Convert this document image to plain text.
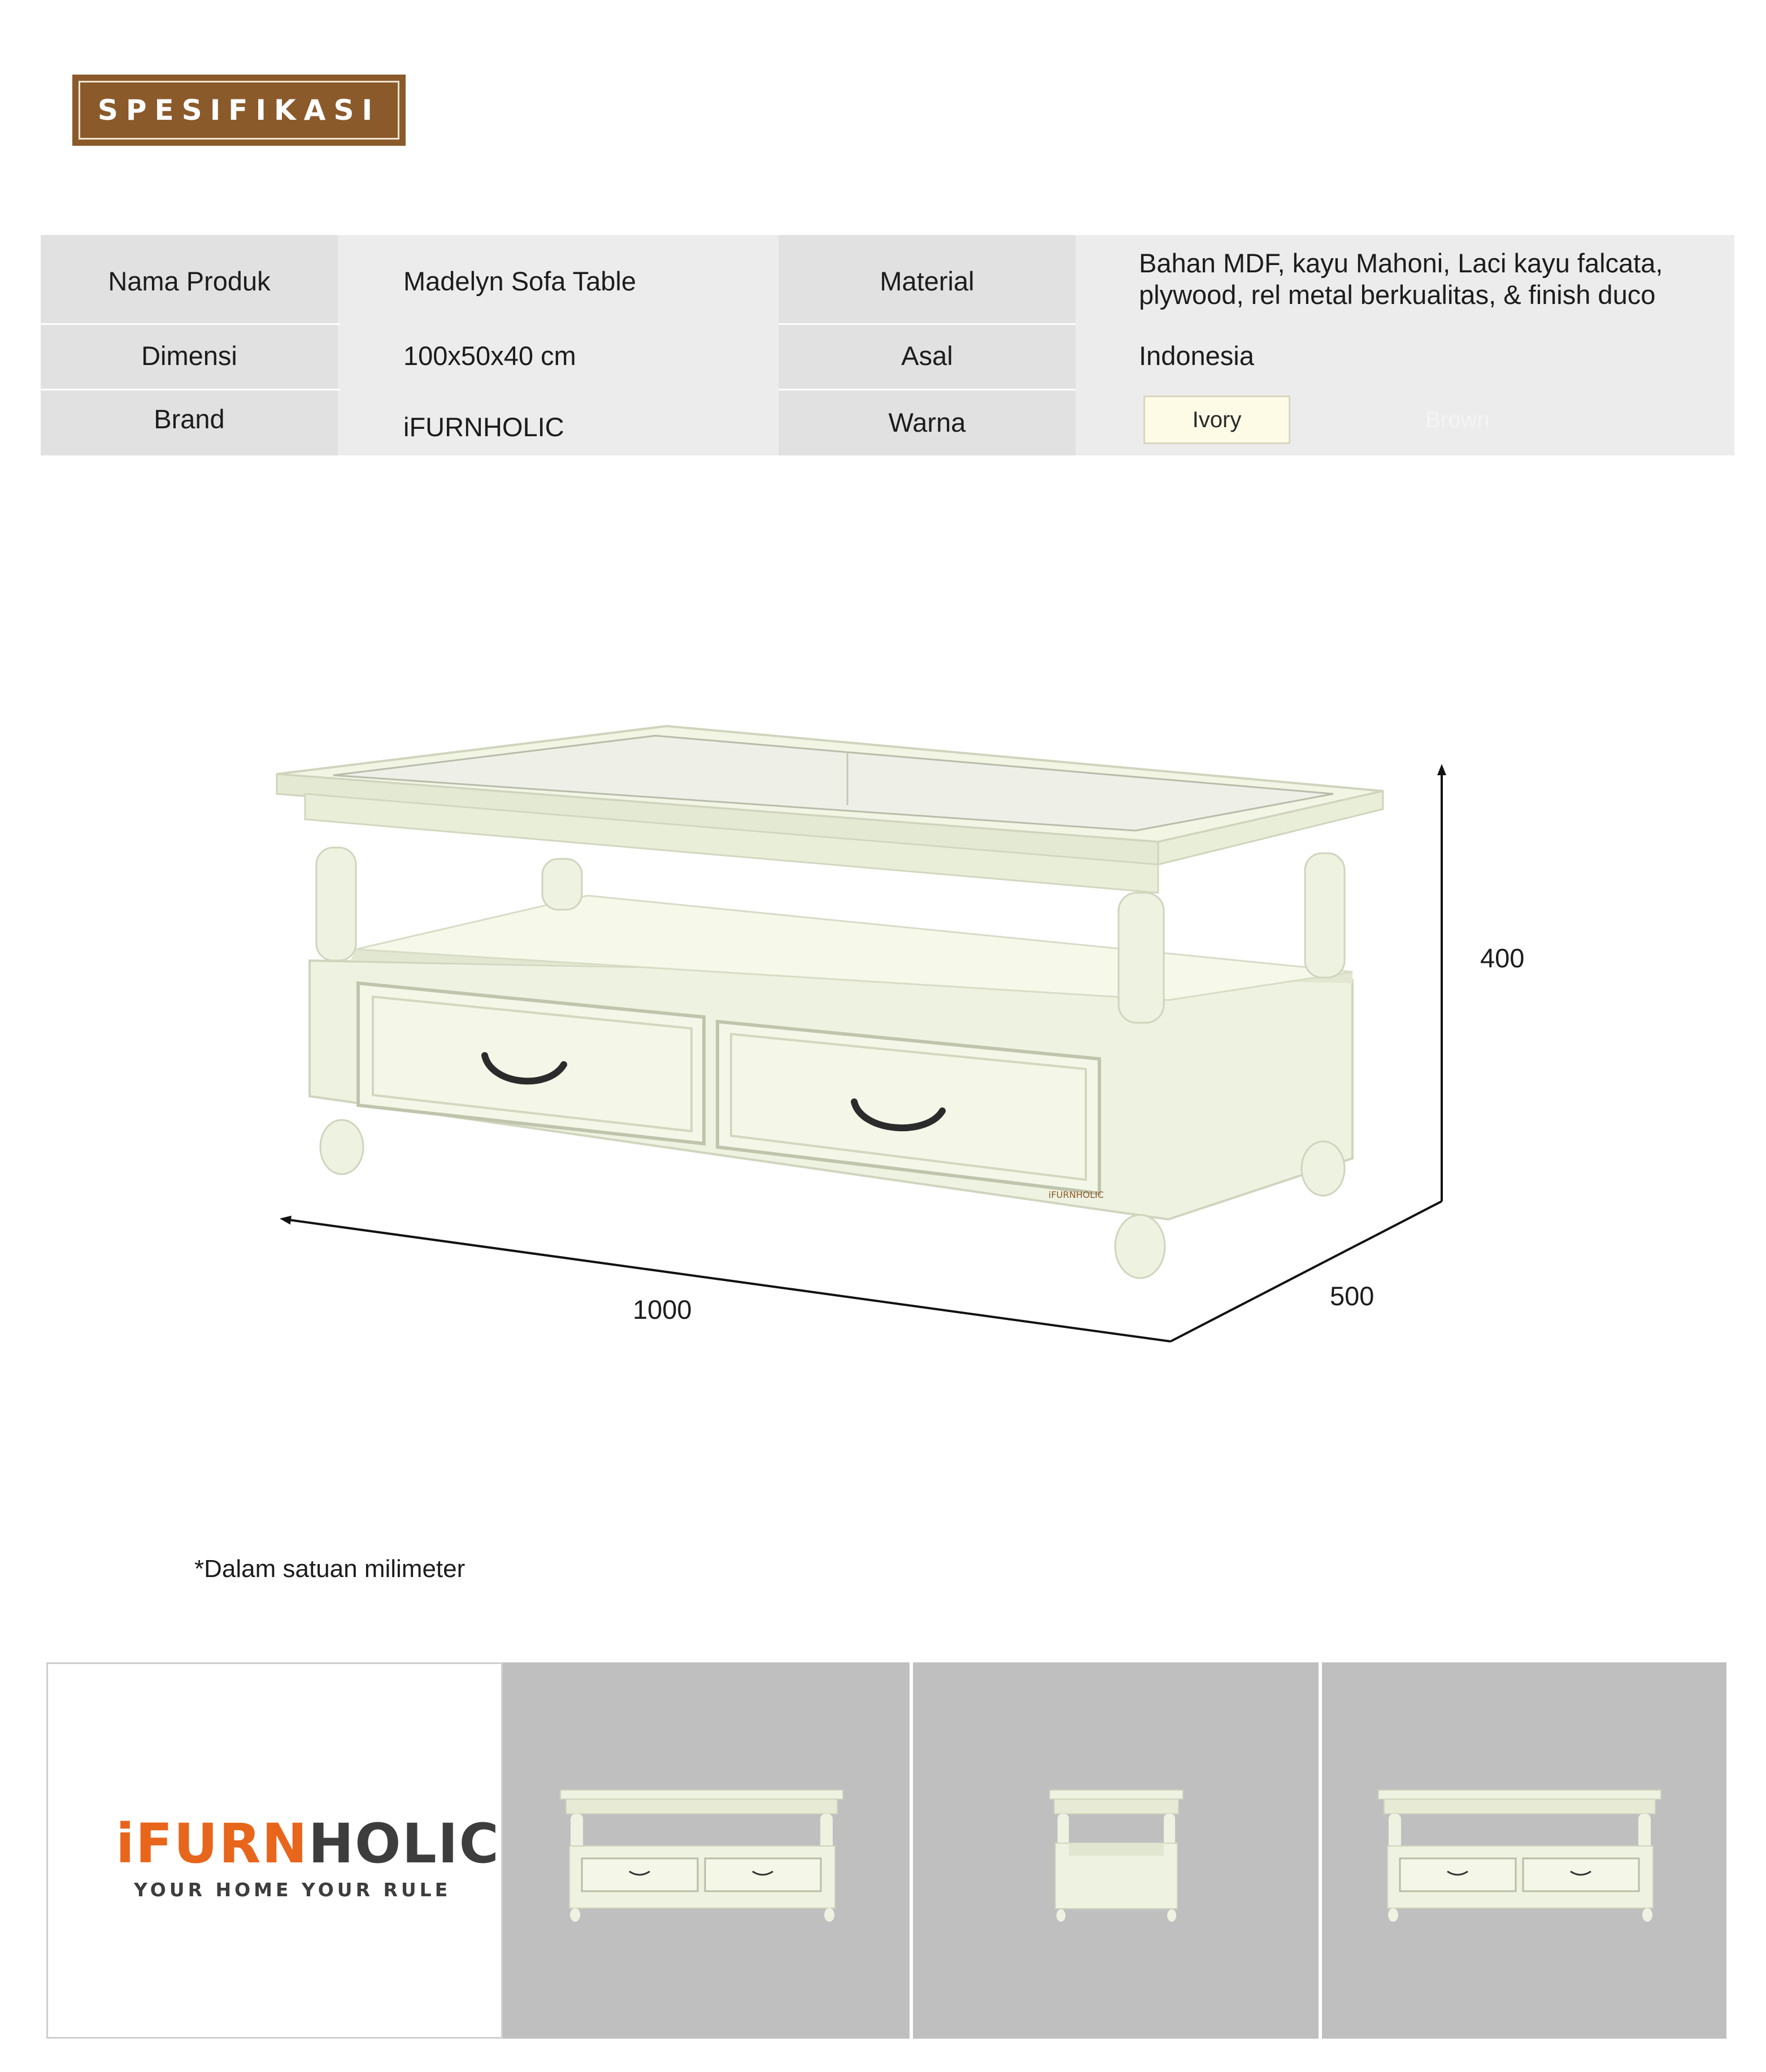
SPESIFIKASI
Nama Produk	Madelyn Sofa Table	Material
Bahan MDF, kayu Mahoni, Laci kayu falcata,
plywood, rel metal berkualitas, & finish duco
Dimensi	100x50x40 cm	Asal	Indonesia
Brand	iFURNHOLIC	Warna	Ivory	Brown
iFURNHOLIC
400
500
1000
*Dalam satuan milimeter
iFURNHOLIC
YOUR HOME YOUR RULE
